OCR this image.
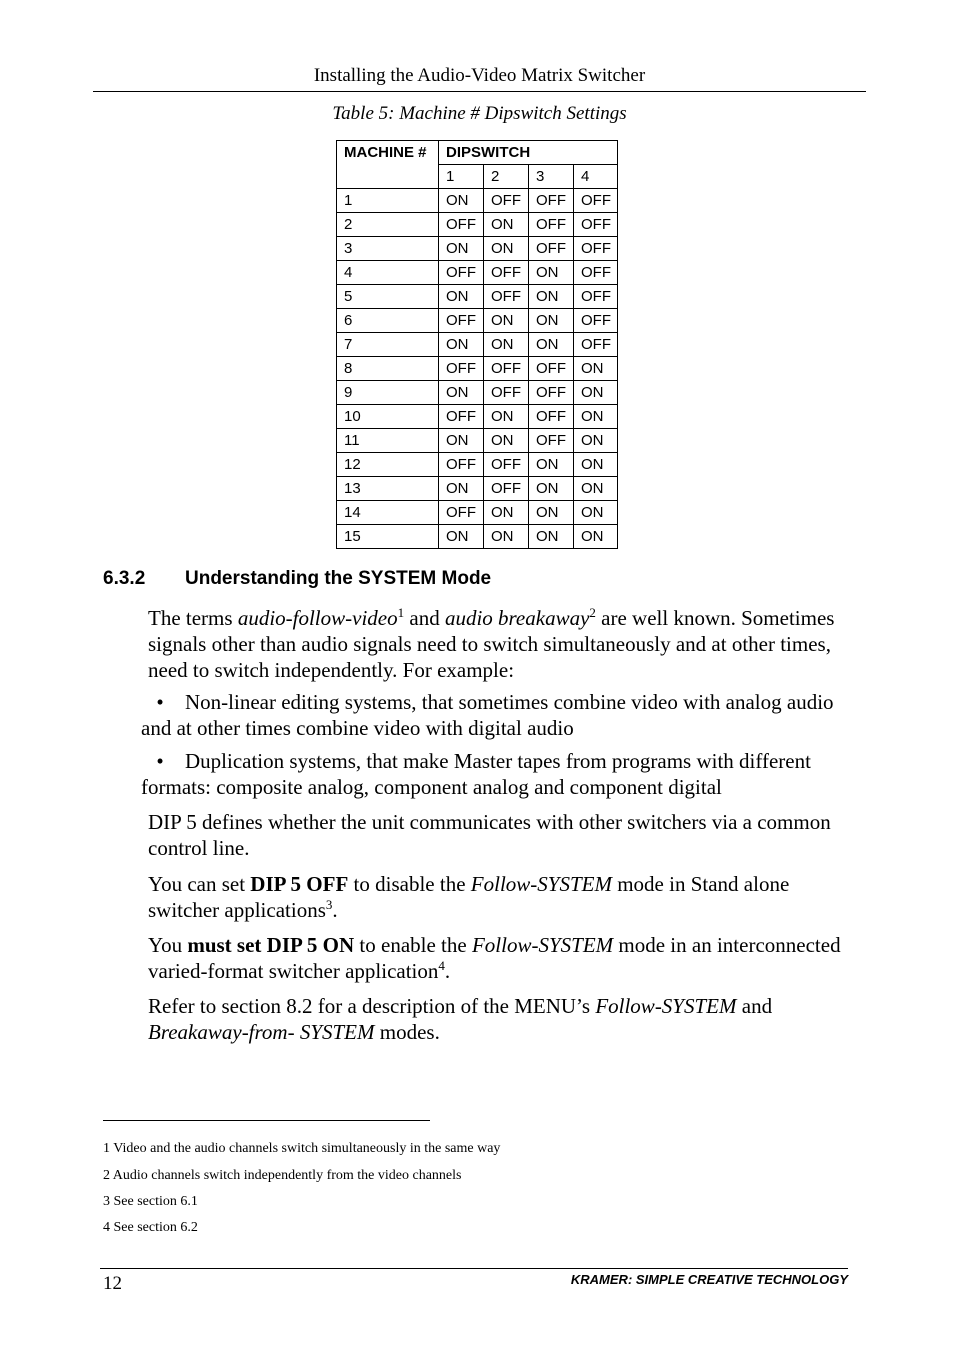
Installing the Audio-Video Matrix Switcher
Table 5: Machine # Dipswitch Settings
MACHINE #	DIPSWITCH			
	1	2	3	4
1	ON	OFF	OFF	OFF
2	OFF	ON	OFF	OFF
3	ON	ON	OFF	OFF
4	OFF	OFF	ON	OFF
5	ON	OFF	ON	OFF
6	OFF	ON	ON	OFF
7	ON	ON	ON	OFF
8	OFF	OFF	OFF	ON
9	ON	OFF	OFF	ON
10	OFF	ON	OFF	ON
11	ON	ON	OFF	ON
12	OFF	OFF	ON	ON
13	ON	OFF	ON	ON
14	OFF	ON	ON	ON
15	ON	ON	ON	ON
6.3.2 Understanding the SYSTEM Mode
The terms audio-follow-video$^1$ and audio breakaway$^2$ are well known. Sometimes signals other than audio signals need to switch simultaneously and at other times, need to switch independently. For example:
• Non-linear editing systems, that sometimes combine video with analog audio and at other times combine video with digital audio
• Duplication systems, that make Master tapes from programs with different formats: composite analog, component analog and component digital
DIP 5 defines whether the unit communicates with other switchers via a common control line.
You can set DIP 5 OFF to disable the Follow-SYSTEM mode in Stand alone switcher applications$^3$.
You must set DIP 5 ON to enable the Follow-SYSTEM mode in an interconnected varied-format switcher application$^4$.
Refer to section 8.2 for a description of the MENU’s Follow-SYSTEM and Breakaway-from- SYSTEM modes.
1 Video and the audio channels switch simultaneously in the same way
2 Audio channels switch independently from the video channels
3 See section 6.1
4 See section 6.2
12	KRAMER: SIMPLE CREATIVE TECHNOLOGY
